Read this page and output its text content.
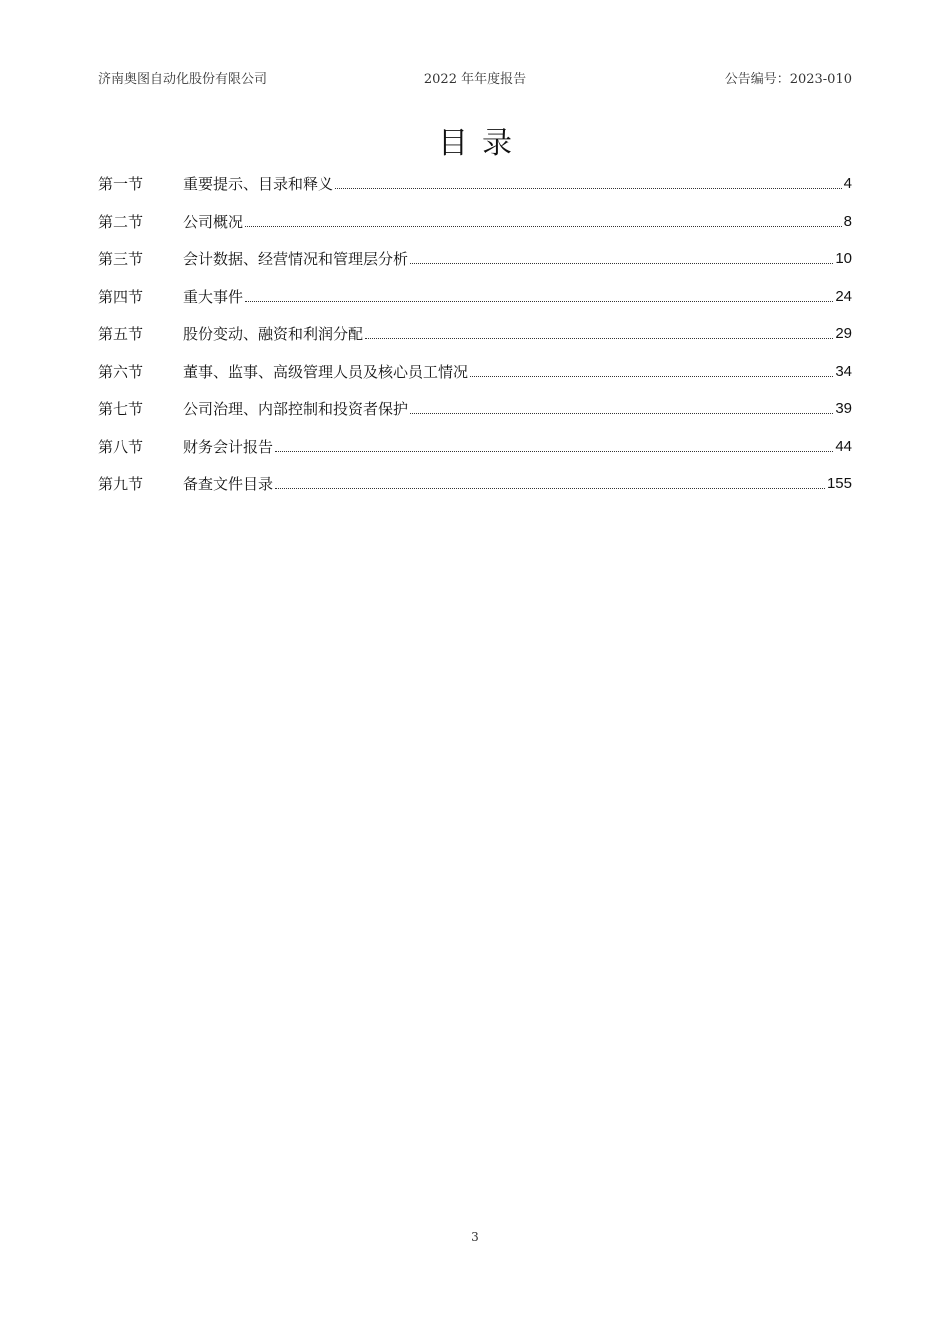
2022 年年度报告
济南奥图自动化股份有限公司	公告编号：2023-010
目录
第一节	重要提示、目录和释义	4
第二节	公司概况	8
第三节	会计数据、经营情况和管理层分析	10
第四节	重大事件	24
第五节	股份变动、融资和利润分配	29
第六节	董事、监事、高级管理人员及核心员工情况	34
第七节	公司治理、内部控制和投资者保护	39
第八节	财务会计报告	44
第九节	备查文件目录	155
3
